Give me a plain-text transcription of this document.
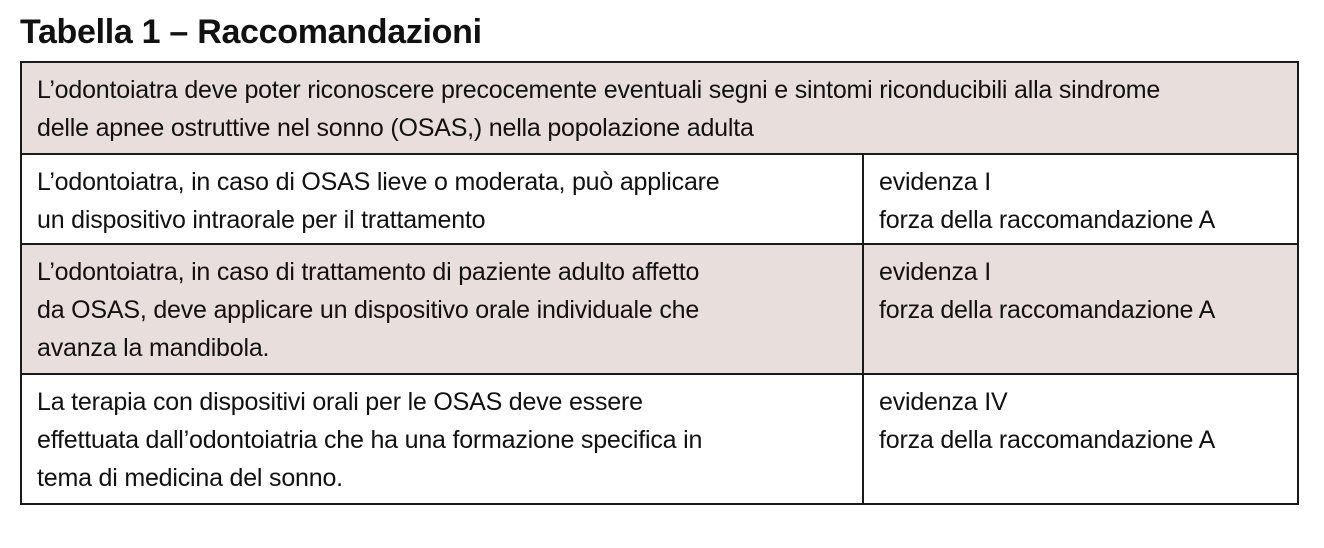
Tabella 1 – Raccomandazioni
L’odontoiatra deve poter riconoscere precocemente eventuali segni e sintomi riconducibili alla sindrome
delle apnee ostruttive nel sonno (OSAS,) nella popolazione adulta	

L’odontoiatra, in caso di OSAS lieve o moderata, può applicare
un dispositivo intraorale per il trattamento	evidenza I
forza della raccomandazione A

L’odontoiatra, in caso di trattamento di paziente adulto affetto
da OSAS, deve applicare un dispositivo orale individuale che
avanza la mandibola.	evidenza I
forza della raccomandazione A

La terapia con dispositivi orali per le OSAS deve essere
effettuata dall’odontoiatria che ha una formazione specifica in
tema di medicina del sonno.	evidenza IV
forza della raccomandazione A
